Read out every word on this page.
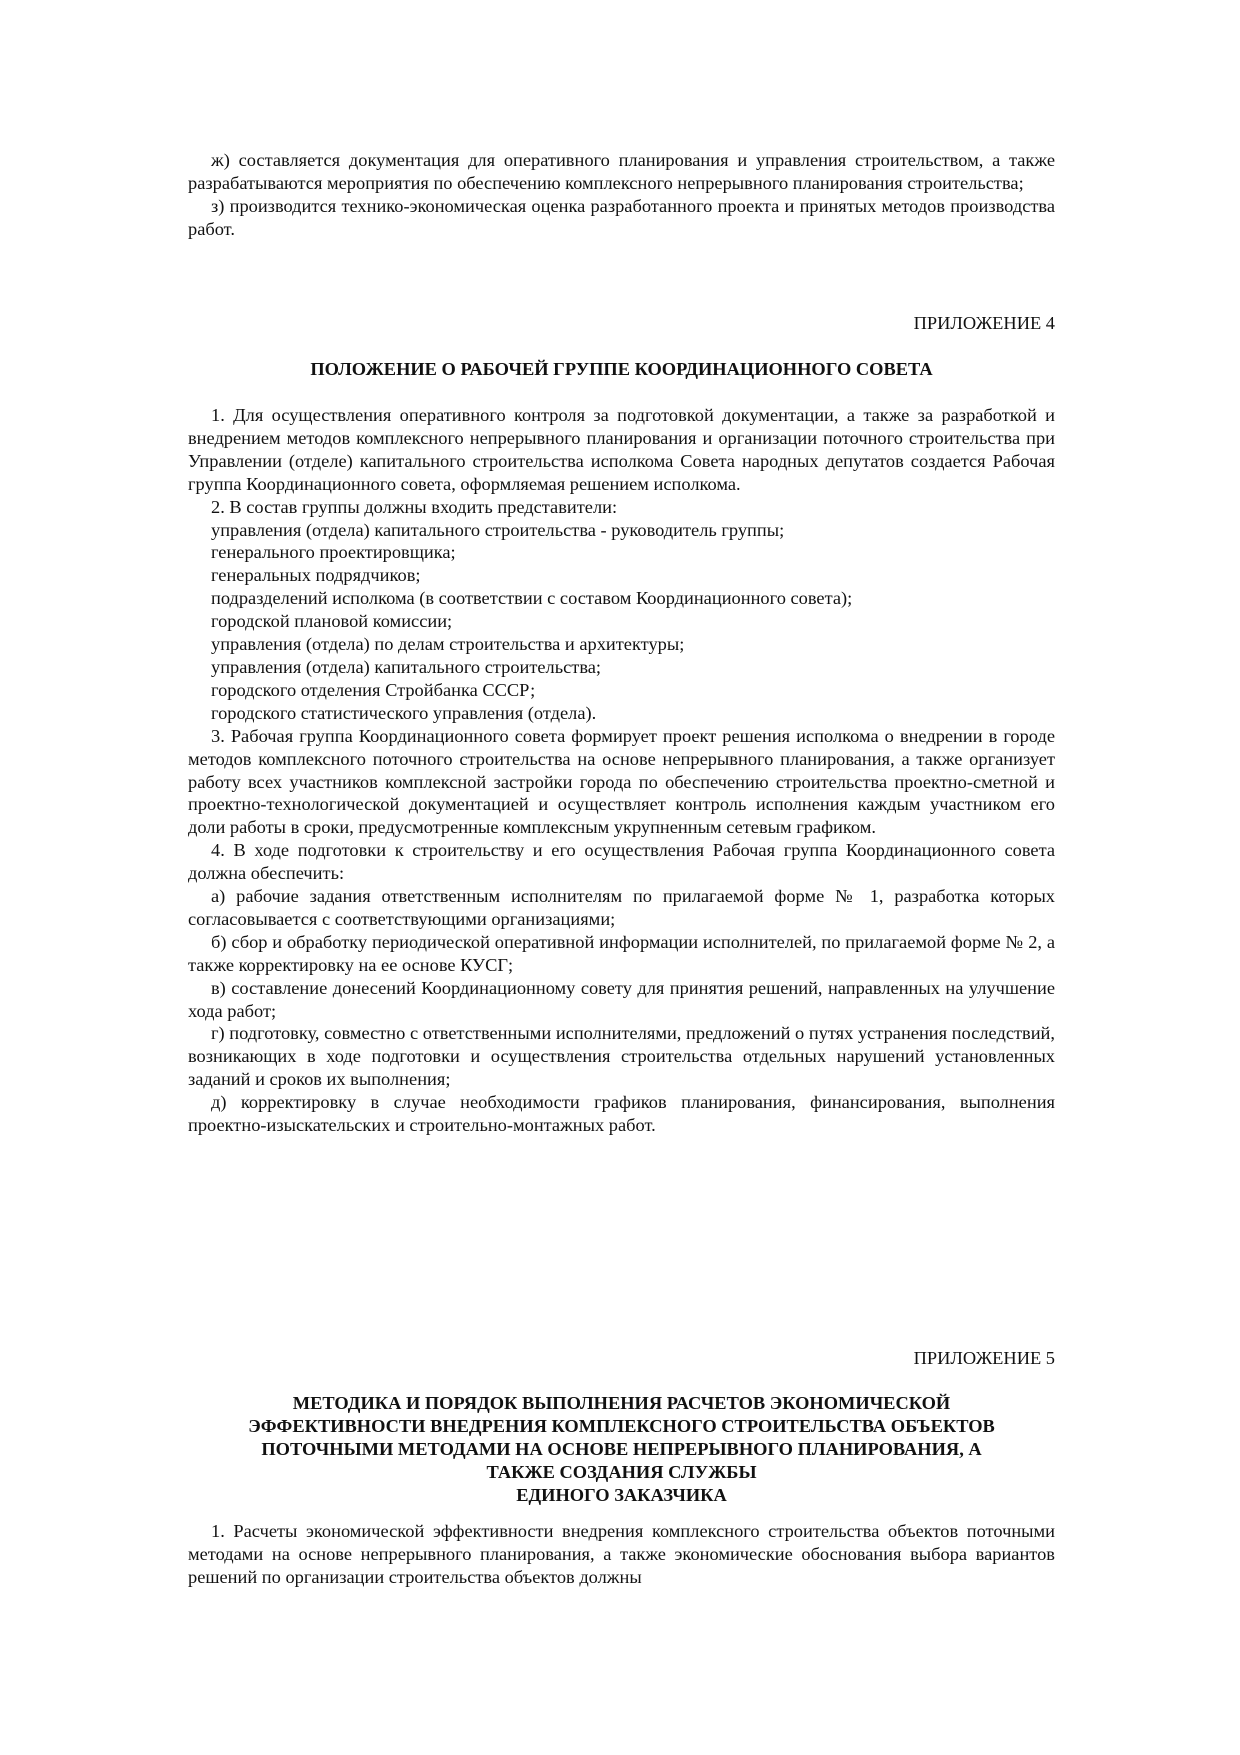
ж) составляется документация для оперативного планирования и управления строительством, а также разрабатываются мероприятия по обеспечению комплексного непрерывного планирования строительства;

з) производится технико-экономическая оценка разработанного проекта и принятых методов производства работ.

ПРИЛОЖЕНИЕ 4

ПОЛОЖЕНИЕ О РАБОЧЕЙ ГРУППЕ КООРДИНАЦИОННОГО СОВЕТА

1. Для осуществления оперативного контроля за подготовкой документации, а также за разработкой и внедрением методов комплексного непрерывного планирования и организации поточного строительства при Управлении (отделе) капитального строительства исполкома Совета народных депутатов создается Рабочая группа Координационного совета, оформляемая решением исполкома.

2. В состав группы должны входить представители:

управления (отдела) капитального строительства - руководитель группы;

генерального проектировщика;

генеральных подрядчиков;

подразделений исполкома (в соответствии с составом Координационного совета);

городской плановой комиссии;

управления (отдела) по делам строительства и архитектуры;

управления (отдела) капитального строительства;

городского отделения Стройбанка СССР;

городского статистического управления (отдела).

3. Рабочая группа Координационного совета формирует проект решения исполкома о внедрении в городе методов комплексного поточного строительства на основе непрерывного планирования, а также организует работу всех участников комплексной застройки города по обеспечению строительства проектно-сметной и проектно-технологической документацией и осуществляет контроль исполнения каждым участником его доли работы в сроки, предусмотренные комплексным укрупненным сетевым графиком.

4. В ходе подготовки к строительству и его осуществления Рабочая группа Координационного совета должна обеспечить:

а) рабочие задания ответственным исполнителям по прилагаемой форме № 1, разработка которых согласовывается с соответствующими организациями;

б) сбор и обработку периодической оперативной информации исполнителей, по прилагаемой форме № 2, а также корректировку на ее основе КУСГ;

в) составление донесений Координационному совету для принятия решений, направленных на улучшение хода работ;

г) подготовку, совместно с ответственными исполнителями, предложений о путях устранения последствий, возникающих в ходе подготовки и осуществления строительства отдельных нарушений установленных заданий и сроков их выполнения;

д) корректировку в случае необходимости графиков планирования, финансирования, выполнения проектно-изыскательских и строительно-монтажных работ.

ПРИЛОЖЕНИЕ 5

МЕТОДИКА И ПОРЯДОК ВЫПОЛНЕНИЯ РАСЧЕТОВ ЭКОНОМИЧЕСКОЙ
ЭФФЕКТИВНОСТИ ВНЕДРЕНИЯ КОМПЛЕКСНОГО СТРОИТЕЛЬСТВА ОБЪЕКТОВ
ПОТОЧНЫМИ МЕТОДАМИ НА ОСНОВЕ НЕПРЕРЫВНОГО ПЛАНИРОВАНИЯ, А
ТАКЖЕ СОЗДАНИЯ СЛУЖБЫ
ЕДИНОГО ЗАКАЗЧИКА

1. Расчеты экономической эффективности внедрения комплексного строительства объектов поточными методами на основе непрерывного планирования, а также экономические обоснования выбора вариантов решений по организации строительства объектов должны
